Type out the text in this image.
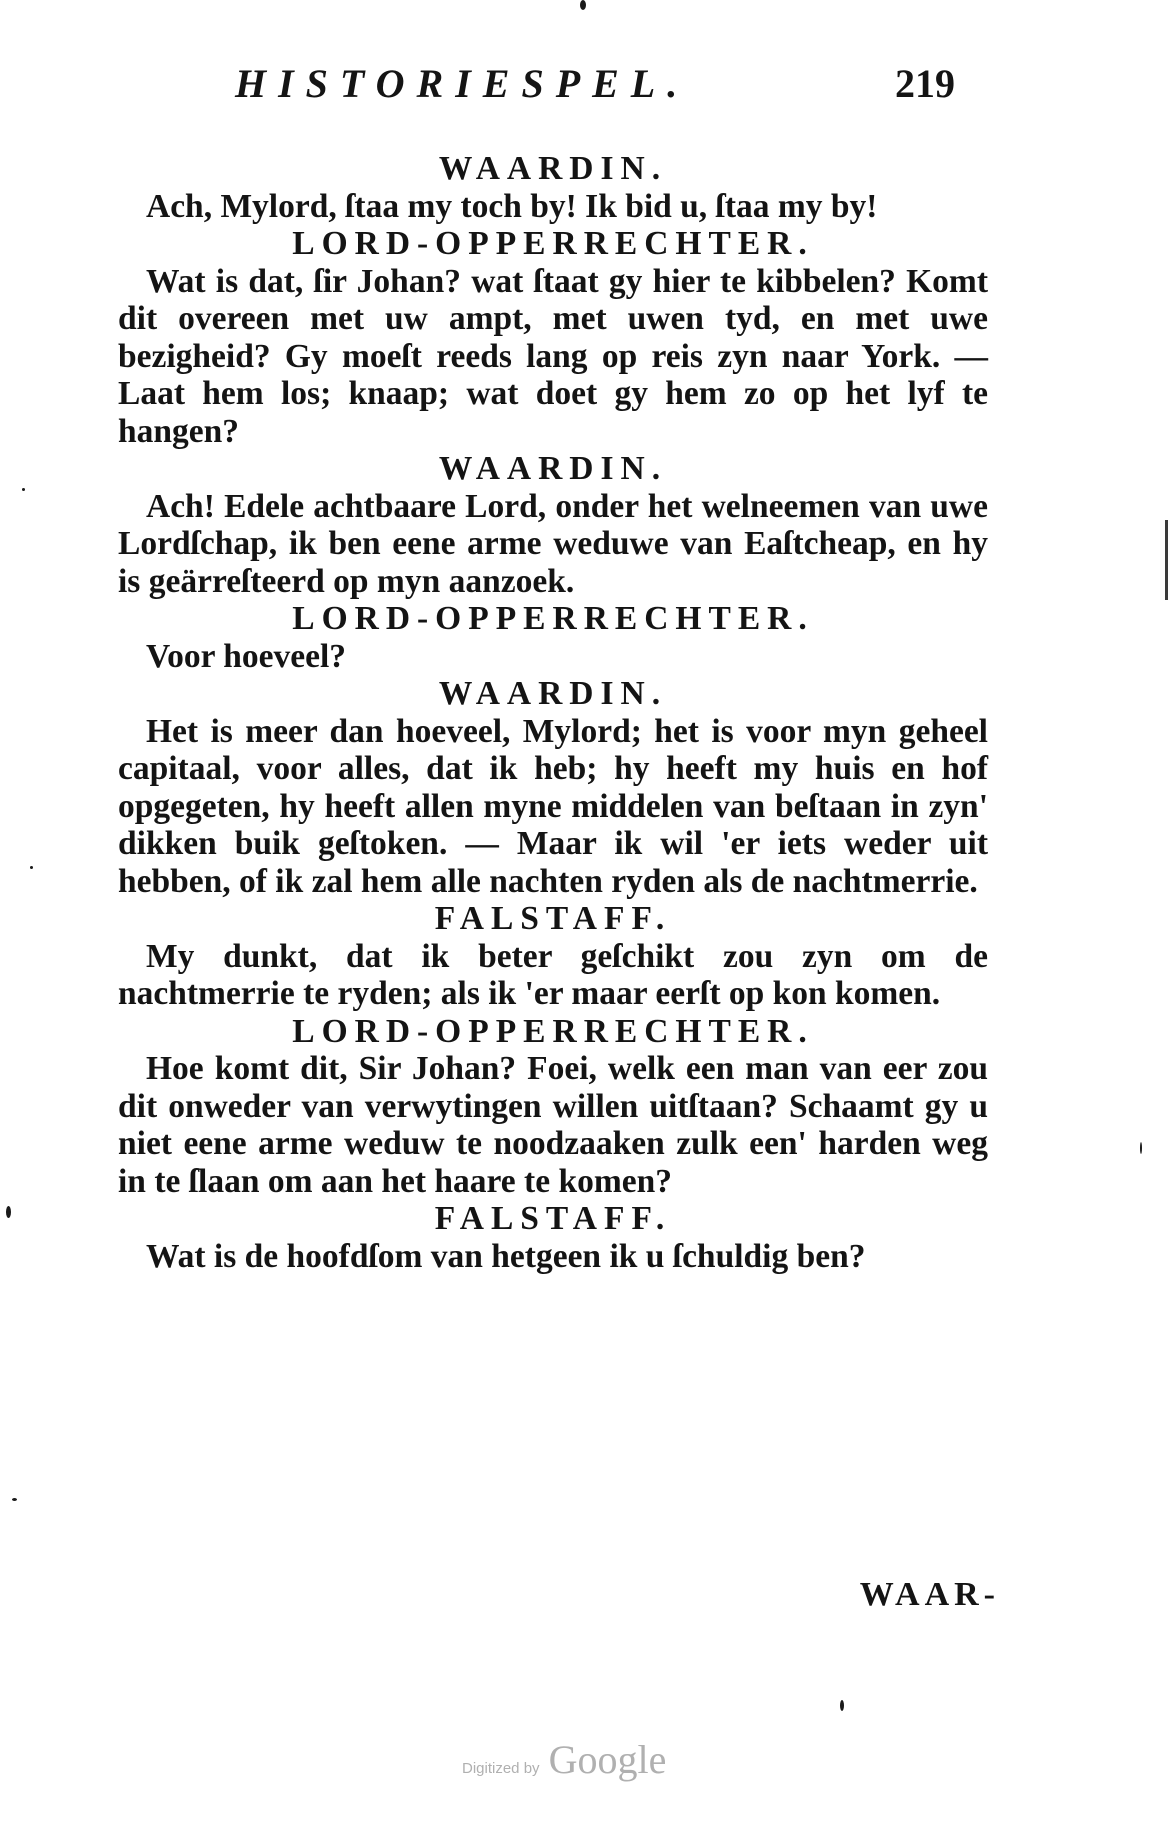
HISTORIESPEL.	219

WAARDIN.

Ach, Mylord, ſtaa my toch by! Ik bid u, ſtaa my by!

LORD-OPPERRECHTER.

Wat is dat, ſir Johan? wat ſtaat gy hier te kibbelen? Komt dit overeen met uw ampt, met uwen tyd, en met uwe bezigheid? Gy moeſt reeds lang op reis zyn naar York. — Laat hem los; knaap; wat doet gy hem zo op het lyf te hangen?

WAARDIN.

Ach! Edele achtbaare Lord, onder het welneemen van uwe Lordſchap, ik ben eene arme weduwe van Eaſtcheap, en hy is geärreſteerd op myn aanzoek.

LORD-OPPERRECHTER.

Voor hoeveel?

WAARDIN.

Het is meer dan hoeveel, Mylord; het is voor myn geheel capitaal, voor alles, dat ik heb; hy heeft my huis en hof opgegeten, hy heeft allen myne middelen van beſtaan in zyn' dikken buik geſtoken. — Maar ik wil 'er iets weder uit hebben, of ik zal hem alle nachten ryden als de nachtmerrie.

FALSTAFF.

My dunkt, dat ik beter geſchikt zou zyn om de nachtmerrie te ryden; als ik 'er maar eerſt op kon komen.

LORD-OPPERRECHTER.

Hoe komt dit, Sir Johan? Foei, welk een man van eer zou dit onweder van verwytingen willen uitſtaan? Schaamt gy u niet eene arme weduw te noodzaaken zulk een' harden weg in te ſlaan om aan het haare te komen?

FALSTAFF.

Wat is de hoofdſom van hetgeen ik u ſchuldig ben?

WAAR-
Digitized by Google
